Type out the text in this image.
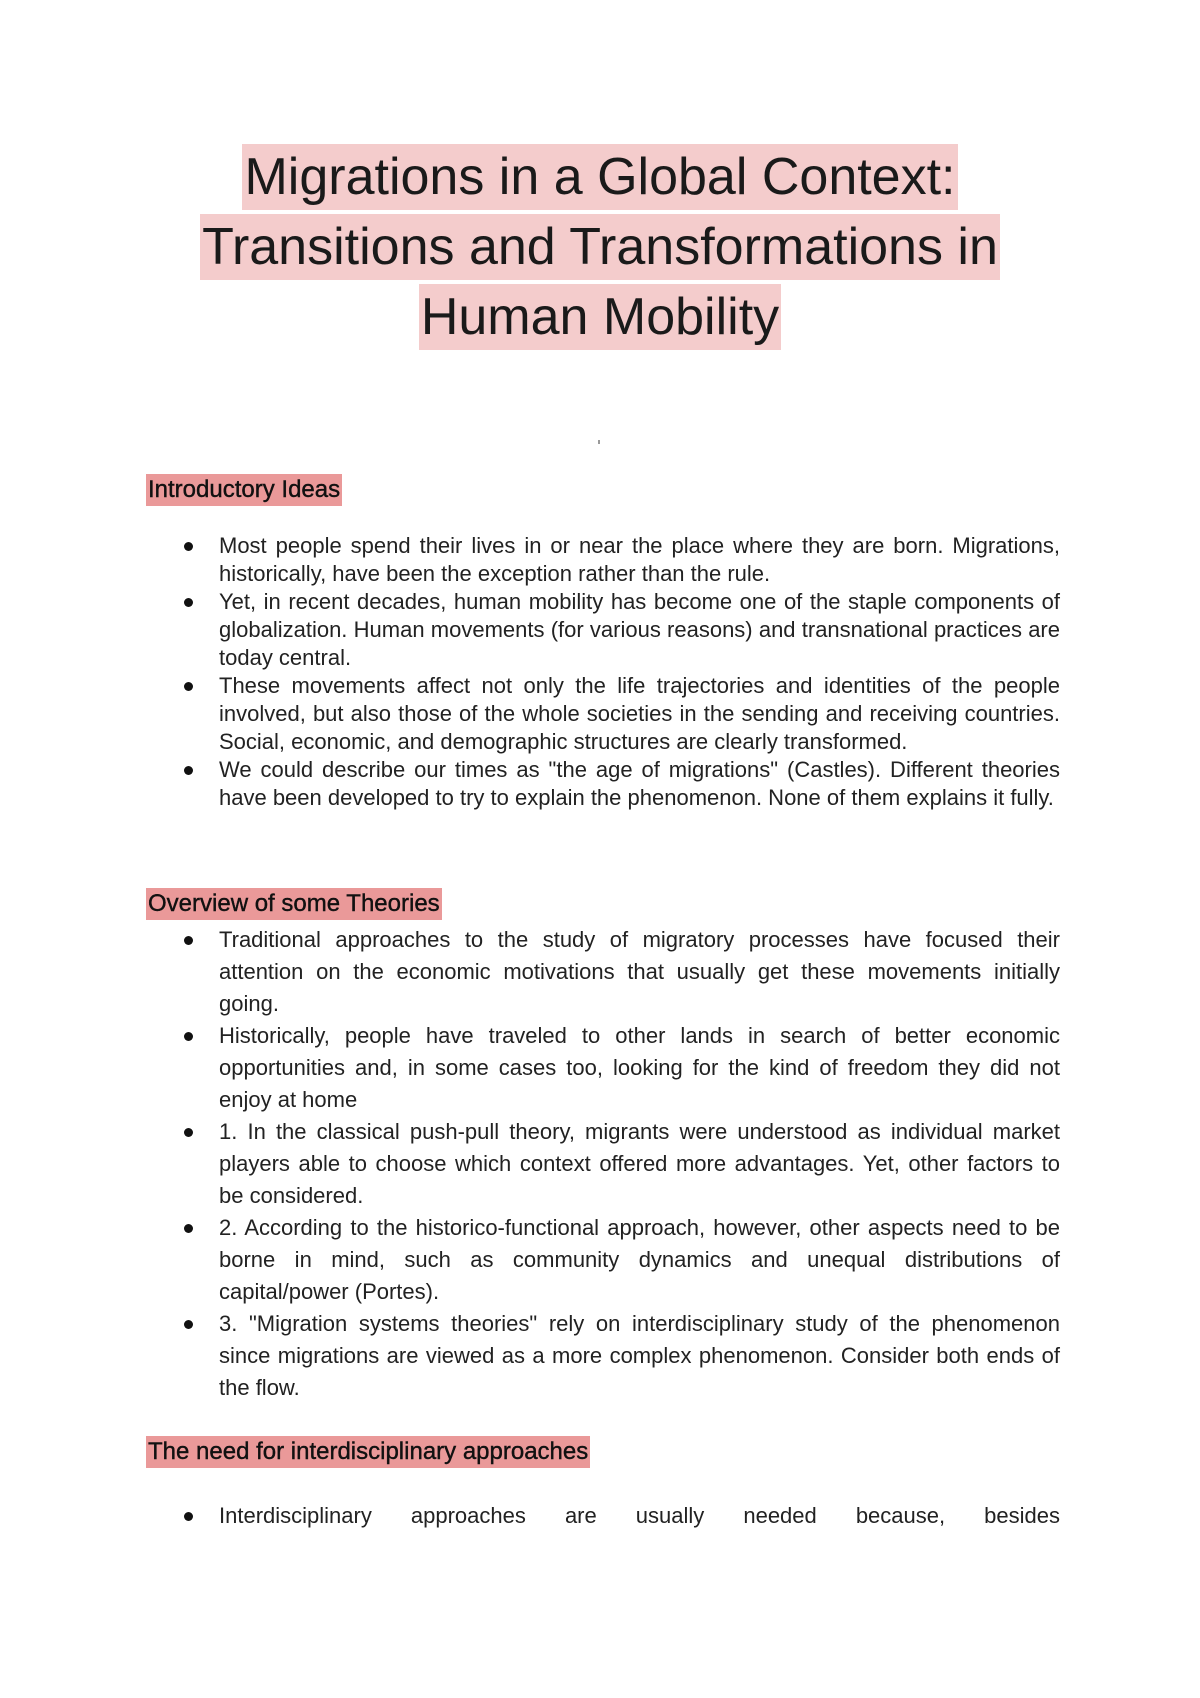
Migrations in a Global Context:
Transitions and Transformations in
Human Mobility
Introductory Ideas
Most people spend their lives in or near the place where they are born. Migrations, historically, have been the exception rather than the rule.
Yet, in recent decades, human mobility has become one of the staple components of globalization. Human movements (for various reasons) and transnational practices are today central.
These movements affect not only the life trajectories and identities of the people involved, but also those of the whole societies in the sending and receiving countries. Social, economic, and demographic structures are clearly transformed.
We could describe our times as "the age of migrations" (Castles). Different theories have been developed to try to explain the phenomenon. None of them explains it fully.
Overview of some Theories
Traditional approaches to the study of migratory processes have focused their attention on the economic motivations that usually get these movements initially going.
Historically, people have traveled to other lands in search of better economic opportunities and, in some cases too, looking for the kind of freedom they did not enjoy at home
1. In the classical push-pull theory, migrants were understood as individual market players able to choose which context offered more advantages. Yet, other factors to be considered.
2. According to the historico-functional approach, however, other aspects need to be borne in mind, such as community dynamics and unequal distributions of capital/power (Portes).
3. "Migration systems theories" rely on interdisciplinary study of the phenomenon since migrations are viewed as a more complex phenomenon. Consider both ends of the flow.
The need for interdisciplinary approaches
Interdisciplinary approaches are usually needed because, besides
